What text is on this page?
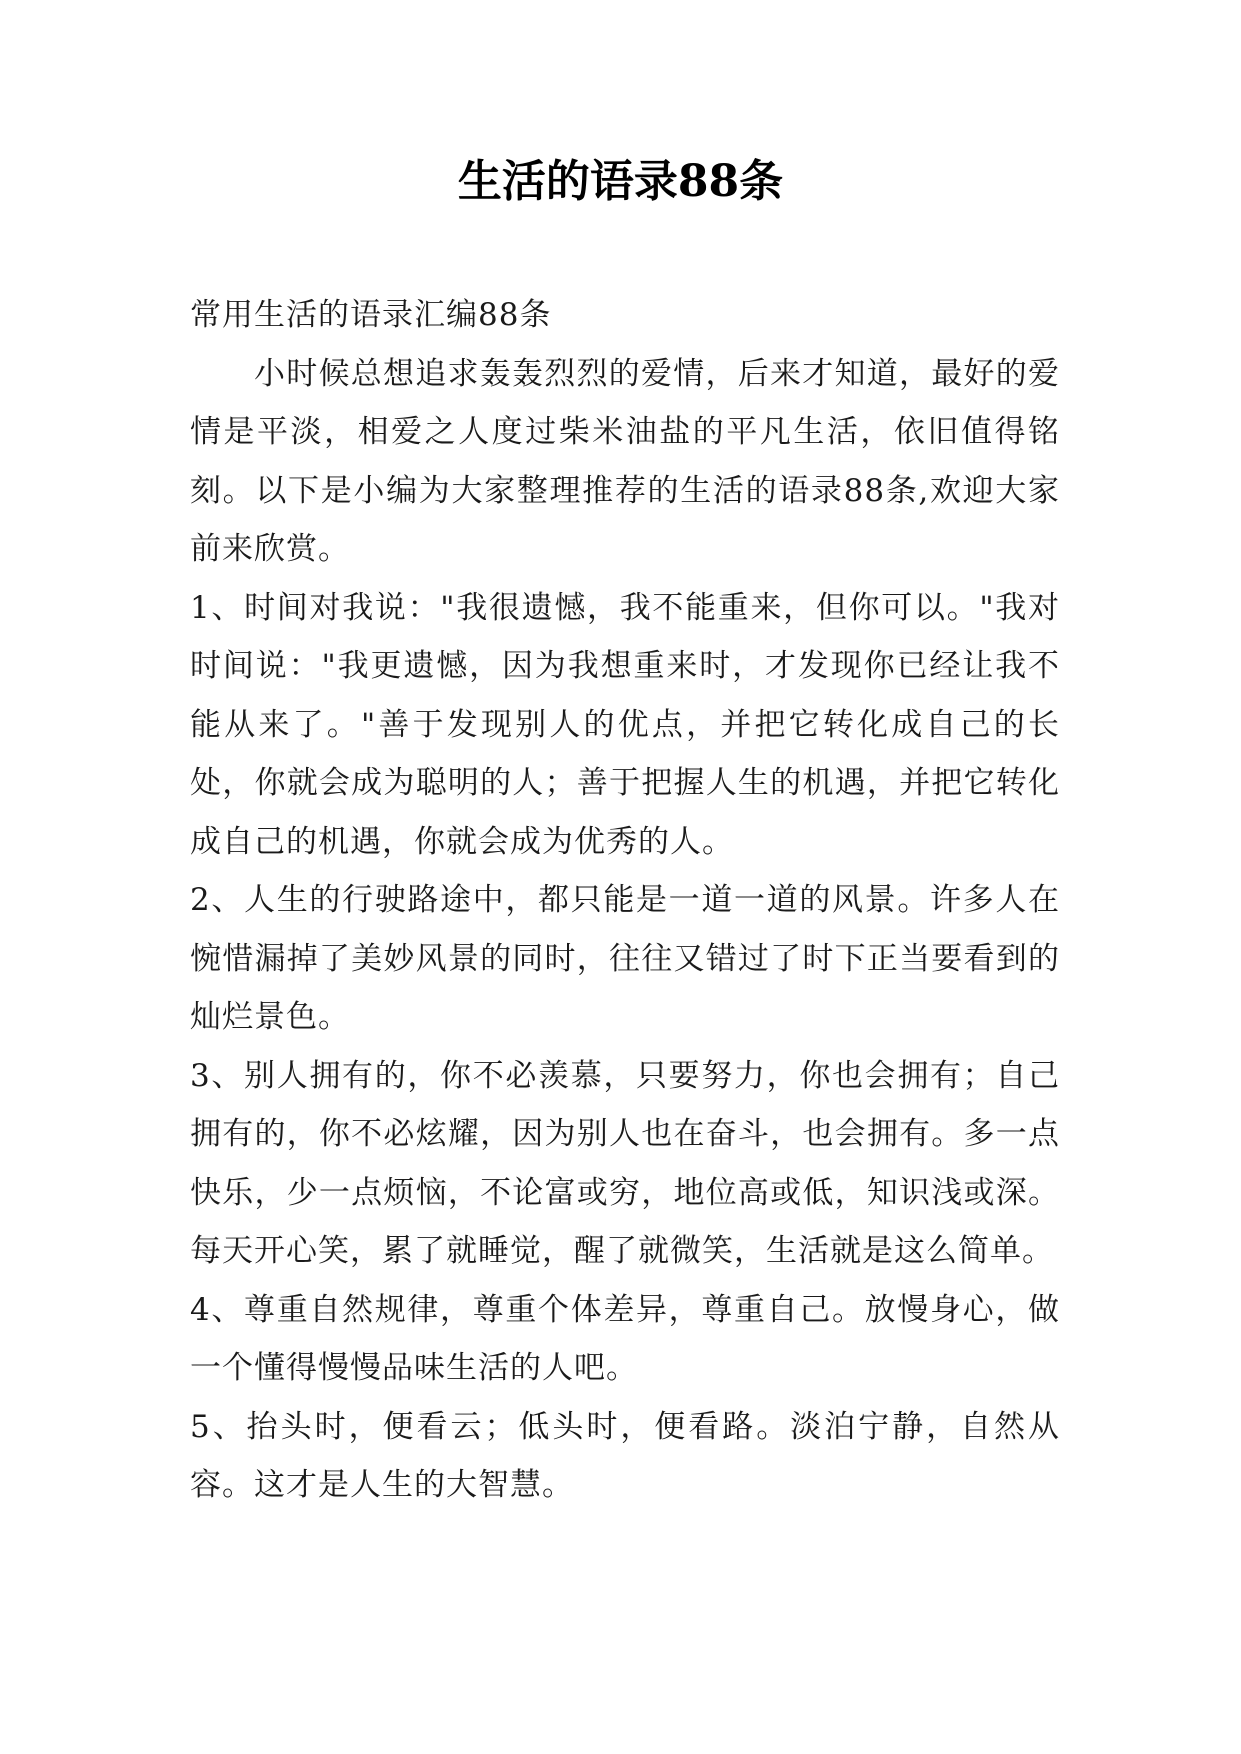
生活的语录88条

常用生活的语录汇编88条

小时候总想追求轰轰烈烈的爱情，后来才知道，最好的爱情是平淡，相爱之人度过柴米油盐的平凡生活，依旧值得铭刻。以下是小编为大家整理推荐的生活的语录88条,欢迎大家前来欣赏。

1、时间对我说："我很遗憾，我不能重来，但你可以。"我对时间说："我更遗憾，因为我想重来时，才发现你已经让我不能从来了。"善于发现别人的优点，并把它转化成自己的长处，你就会成为聪明的人；善于把握人生的机遇，并把它转化成自己的机遇，你就会成为优秀的人。

2、人生的行驶路途中，都只能是一道一道的风景。许多人在惋惜漏掉了美妙风景的同时，往往又错过了时下正当要看到的灿烂景色。

3、别人拥有的，你不必羡慕，只要努力，你也会拥有；自己拥有的，你不必炫耀，因为别人也在奋斗，也会拥有。多一点快乐，少一点烦恼，不论富或穷，地位高或低，知识浅或深。每天开心笑，累了就睡觉，醒了就微笑，生活就是这么简单。

4、尊重自然规律，尊重个体差异，尊重自己。放慢身心，做一个懂得慢慢品味生活的人吧。

5、抬头时，便看云；低头时，便看路。淡泊宁静，自然从容。这才是人生的大智慧。
